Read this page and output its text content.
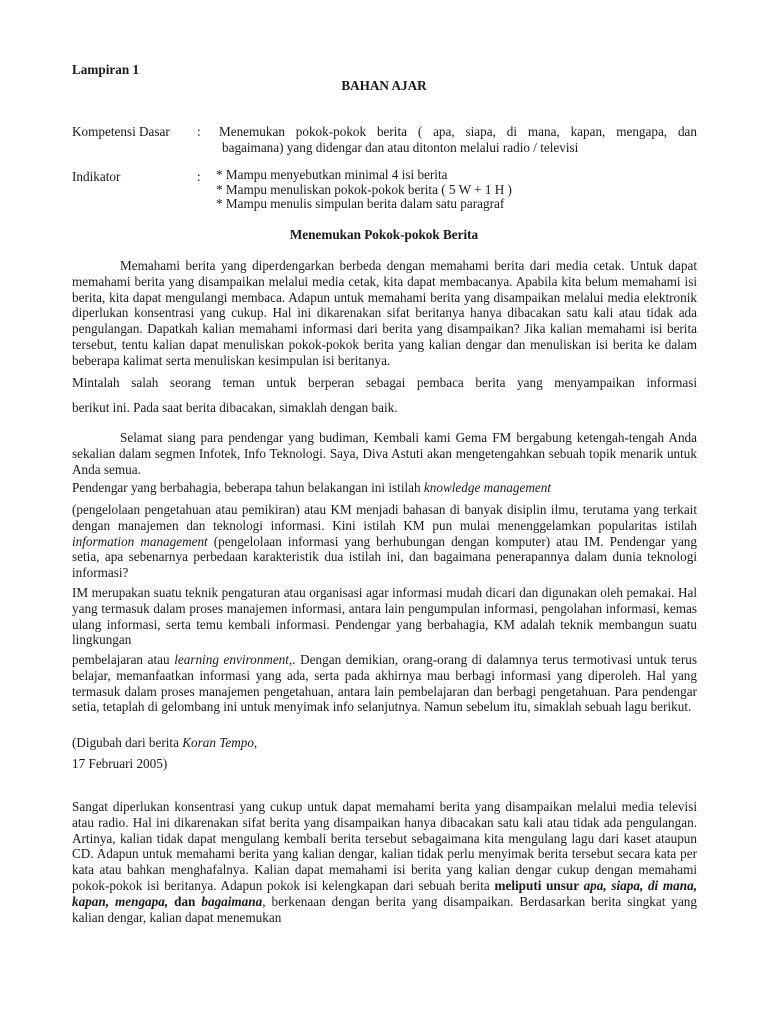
Lampiran 1
BAHAN AJAR
Kompetensi Dasar : Menemukan pokok-pokok berita ( apa, siapa, di mana, kapan, mengapa, dan
bagaimana) yang didengar dan atau ditonton melalui radio / televisi
Indikator	: * Mampu menyebutkan minimal 4 isi berita
* Mampu menuliskan pokok-pokok berita ( 5 W + 1 H )
* Mampu menulis simpulan berita dalam satu paragraf
Menemukan Pokok-pokok Berita
Memahami berita yang diperdengarkan berbeda dengan memahami berita dari media cetak. Untuk dapat memahami berita yang disampaikan melalui media cetak, kita dapat membacanya. Apabila kita belum memahami isi berita, kita dapat mengulangi membaca. Adapun untuk memahami berita yang disampaikan melalui media elektronik diperlukan konsentrasi yang cukup. Hal ini dikarenakan sifat beritanya hanya dibacakan satu kali atau tidak ada pengulangan. Dapatkah kalian memahami informasi dari berita yang disampaikan? Jika kalian memahami isi berita tersebut, tentu kalian dapat menuliskan pokok-pokok berita yang kalian dengar dan menuliskan isi berita ke dalam beberapa kalimat serta menuliskan kesimpulan isi beritanya.
Mintalah salah seorang teman untuk berperan sebagai pembaca berita yang menyampaikan informasi
berikut ini. Pada saat berita dibacakan, simaklah dengan baik.
Selamat siang para pendengar yang budiman, Kembali kami Gema FM bergabung ketengah-tengah Anda sekalian dalam segmen Infotek, Info Teknologi. Saya, Diva Astuti akan mengetengahkan sebuah topik menarik untuk Anda semua.
Pendengar yang berbahagia, beberapa tahun belakangan ini istilah knowledge management
(pengelolaan pengetahuan atau pemikiran) atau KM menjadi bahasan di banyak disiplin ilmu, terutama yang terkait dengan manajemen dan teknologi informasi. Kini istilah KM pun mulai menenggelamkan popularitas istilah information management (pengelolaan informasi yang berhubungan dengan komputer) atau IM. Pendengar yang setia, apa sebenarnya perbedaan karakteristik dua istilah ini, dan bagaimana penerapannya dalam dunia teknologi informasi?
IM merupakan suatu teknik pengaturan atau organisasi agar informasi mudah dicari dan digunakan oleh pemakai. Hal yang termasuk dalam proses manajemen informasi, antara lain pengumpulan informasi, pengolahan informasi, kemas ulang informasi, serta temu kembali informasi. Pendengar yang berbahagia, KM adalah teknik membangun suatu lingkungan
pembelajaran atau learning environment,. Dengan demikian, orang-orang di dalamnya terus termotivasi untuk terus belajar, memanfaatkan informasi yang ada, serta pada akhirnya mau berbagi informasi yang diperoleh. Hal yang termasuk dalam proses manajemen pengetahuan, antara lain pembelajaran dan berbagi pengetahuan. Para pendengar setia, tetaplah di gelombang ini untuk menyimak info selanjutnya. Namun sebelum itu, simaklah sebuah lagu berikut.
(Digubah dari berita Koran Tempo,
17 Februari 2005)
Sangat diperlukan konsentrasi yang cukup untuk dapat memahami berita yang disampaikan melalui media televisi atau radio. Hal ini dikarenakan sifat berita yang disampaikan hanya dibacakan satu kali atau tidak ada pengulangan. Artinya, kalian tidak dapat mengulang kembali berita tersebut sebagaimana kita mengulang lagu dari kaset ataupun CD. Adapun untuk memahami berita yang kalian dengar, kalian tidak perlu menyimak berita tersebut secara kata per kata atau bahkan menghafalnya. Kalian dapat memahami isi berita yang kalian dengar cukup dengan memahami pokok-pokok isi beritanya. Adapun pokok isi kelengkapan dari sebuah berita meliputi unsur apa, siapa, di mana, kapan, mengapa, dan bagaimana, berkenaan dengan berita yang disampaikan. Berdasarkan berita singkat yang kalian dengar, kalian dapat menemukan
